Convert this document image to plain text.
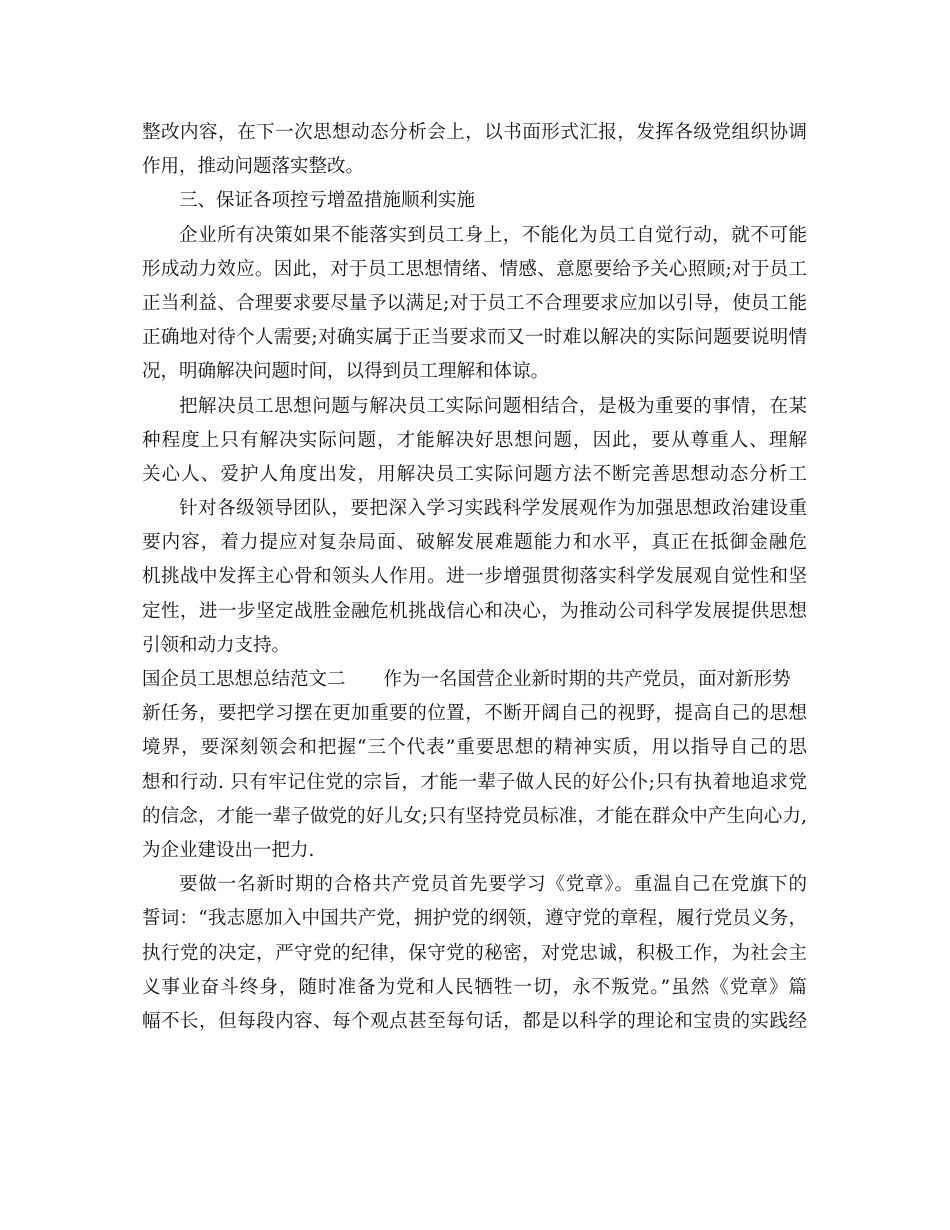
整改内容，在下一次思想动态分析会上，以书面形式汇报，发挥各级党组织协调
作用，推动问题落实整改。
三、保证各项控亏增盈措施顺利实施
企业所有决策如果不能落实到员工身上，不能化为员工自觉行动，就不可能
形成动力效应。因此，对于员工思想情绪、情感、意愿要给予关心照顾;对于员工
正当利益、合理要求要尽量予以满足;对于员工不合理要求应加以引导，使员工能
正确地对待个人需要;对确实属于正当要求而又一时难以解决的实际问题要说明情
况，明确解决问题时间，以得到员工理解和体谅。
把解决员工思想问题与解决员工实际问题相结合，是极为重要的事情，在某
种程度上只有解决实际问题，才能解决好思想问题，因此，要从尊重人、理解
关心人、爱护人角度出发，用解决员工实际问题方法不断完善思想动态分析工
针对各级领导团队，要把深入学习实践科学发展观作为加强思想政治建设重
要内容，着力提应对复杂局面、破解发展难题能力和水平，真正在抵御金融危
机挑战中发挥主心骨和领头人作用。进一步增强贯彻落实科学发展观自觉性和坚
定性，进一步坚定战胜金融危机挑战信心和决心，为推动公司科学发展提供思想
引领和动力支持。
国企员工思想总结范文二 作为一名国营企业新时期的共产党员，面对新形势
新任务，要把学习摆在更加重要的位置，不断开阔自己的视野，提高自己的思想
境界，要深刻领会和把握“三个代表”重要思想的精神实质，用以指导自己的思
想和行动. 只有牢记住党的宗旨，才能一辈子做人民的好公仆;只有执着地追求党
的信念，才能一辈子做党的好儿女;只有坚持党员标准，才能在群众中产生向心力,
为企业建设出一把力.
要做一名新时期的合格共产党员首先要学习《党章》。重温自己在党旗下的
誓词：“我志愿加入中国共产党，拥护党的纲领，遵守党的章程，履行党员义务，
执行党的决定，严守党的纪律，保守党的秘密，对党忠诚，积极工作，为社会主
义事业奋斗终身，随时准备为党和人民牺牲一切，永不叛党。”虽然《党章》篇
幅不长，但每段内容、每个观点甚至每句话，都是以科学的理论和宝贵的实践经
